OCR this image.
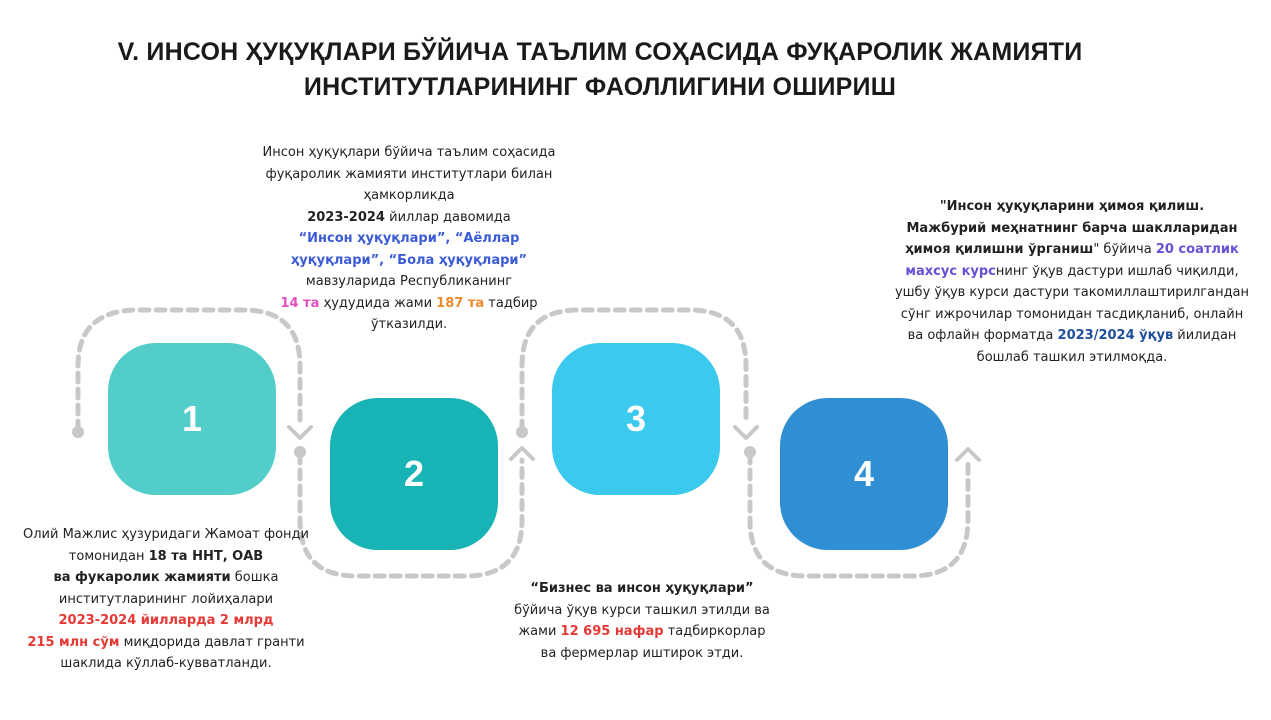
V. ИНСОН ҲУҚУҚЛАРИ БЎЙИЧА ТАЪЛИМ СОҲАСИДА ФУҚАРОЛИК ЖАМИЯТИ
ИНСТИТУТЛАРИНИНГ ФАОЛЛИГИНИ ОШИРИШ
1
2
3
4
Инсон ҳуқуқлари бўйича таълим соҳасида
фуқаролик жамияти институтлари билан
ҳамкорликда
2023-2024 йиллар давомида
“Инсон ҳуқуқлари”, “Аёллар
ҳуқуқлари”, “Бола ҳуқуқлари”
мавзуларида Республиканинг
14 та ҳудудида жами 187 та тадбир
ўтказилди.
Олий Мажлис ҳузуридаги Жамоат фонди
томонидан 18 та ННТ, ОАВ
ва фукаролик жамияти бошка
институтларининг лойиҳалари
2023-2024 йилларда 2 млрд
215 млн сўм миқдорида давлат гранти
шаклида кўллаб-кувватланди.
“Бизнес ва инсон ҳуқуқлари”
бўйича ўқув курси ташкил этилди ва
жами 12 695 нафар тадбиркорлар
ва фермерлар иштирок этди.
"Инсон ҳуқуқларини ҳимоя қилиш.
Мажбурий меҳнатнинг барча шаклларидан
ҳимоя қилишни ўрганиш" бўйича 20 соатлик
махсус курснинг ўқув дастури ишлаб чиқилди,
ушбу ўқув курси дастури такомиллаштирилгандан
сўнг ижрочилар томонидан тасдиқланиб, онлайн
ва офлайн форматда 2023/2024 ўқув йилидан
бошлаб ташкил этилмоқда.
